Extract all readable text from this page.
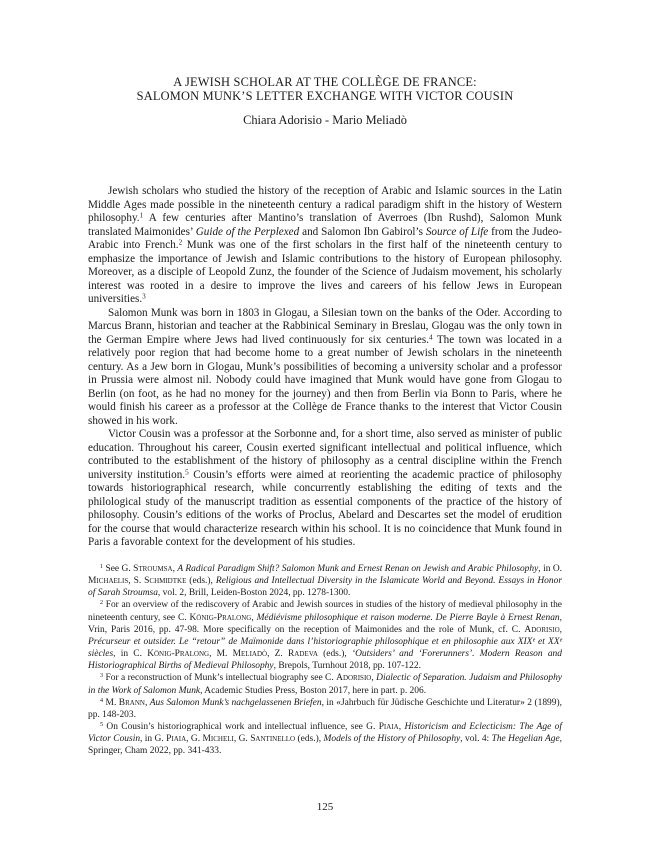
A JEWISH SCHOLAR AT THE COLLÈGE DE FRANCE:
SALOMON MUNK’S LETTER EXCHANGE WITH VICTOR COUSIN
Chiara Adorisio - Mario Meliadò

Jewish scholars who studied the history of the reception of Arabic and Islamic sources in the Latin Middle Ages made possible in the nineteenth century a radical paradigm shift in the history of Western philosophy.$^1$ A few centuries after Mantino’s translation of Averroes (Ibn Rushd), Salomon Munk translated Maimonides’ Guide of the Perplexed and Salomon Ibn Gabirol’s Source of Life from the Judeo-Arabic into French.$^2$ Munk was one of the first scholars in the first half of the nineteenth century to emphasize the importance of Jewish and Islamic contributions to the history of European philosophy. Moreover, as a disciple of Leopold Zunz, the founder of the Science of Judaism movement, his scholarly interest was rooted in a desire to improve the lives and careers of his fellow Jews in European universities.$^3$

Salomon Munk was born in 1803 in Glogau, a Silesian town on the banks of the Oder. According to Marcus Brann, historian and teacher at the Rabbinical Seminary in Breslau, Glogau was the only town in the German Empire where Jews had lived continuously for six centuries.$^4$ The town was located in a relatively poor region that had become home to a great number of Jewish scholars in the nineteenth century. As a Jew born in Glogau, Munk’s possibilities of becoming a university scholar and a professor in Prussia were almost nil. Nobody could have imagined that Munk would have gone from Glogau to Berlin (on foot, as he had no money for the journey) and then from Berlin via Bonn to Paris, where he would finish his career as a professor at the Collège de France thanks to the interest that Victor Cousin showed in his work.

Victor Cousin was a professor at the Sorbonne and, for a short time, also served as minister of public education. Throughout his career, Cousin exerted significant intellectual and political influence, which contributed to the establishment of the history of philosophy as a central discipline within the French university institution.$^5$ Cousin’s efforts were aimed at reorienting the academic practice of philosophy towards historiographical research, while concurrently establishing the editing of texts and the philological study of the manuscript tradition as essential components of the practice of the history of philosophy. Cousin’s editions of the works of Proclus, Abelard and Descartes set the model of erudition for the course that would characterize research within his school. It is no coincidence that Munk found in Paris a favorable context for the development of his studies.

$^1$ See G. Stroumsa, A Radical Paradigm Shift? Salomon Munk and Ernest Renan on Jewish and Arabic Philosophy, in O. Michaelis, S. Schmidtke (eds.), Religious and Intellectual Diversity in the Islamicate World and Beyond. Essays in Honor of Sarah Stroumsa, vol. 2, Brill, Leiden-Boston 2024, pp. 1278-1300.

$^2$ For an overview of the rediscovery of Arabic and Jewish sources in studies of the history of medieval philosophy in the nineteenth century, see C. König-Pralong, Médiévisme philosophique et raison moderne. De Pierre Bayle à Ernest Renan, Vrin, Paris 2016, pp. 47-98. More specifically on the reception of Maimonides and the role of Munk, cf. C. Adorisio, Précurseur et outsider. Le “retour” de Maïmonide dans l’historiographie philosophique et en philosophie aux XIXᵉ et XXᵉ siècles, in C. König-Pralong, M. Meliadò, Z. Radeva (eds.), ‘Outsiders’ and ‘Forerunners’. Modern Reason and Historiographical Births of Medieval Philosophy, Brepols, Turnhout 2018, pp. 107-122.

$^3$ For a reconstruction of Munk’s intellectual biography see C. Adorisio, Dialectic of Separation. Judaism and Philosophy in the Work of Salomon Munk, Academic Studies Press, Boston 2017, here in part. p. 206.

$^4$ M. Brann, Aus Salomon Munk’s nachgelassenen Briefen, in «Jahrbuch für Jüdische Geschichte und Literatur» 2 (1899), pp. 148-203.

$^5$ On Cousin’s historiographical work and intellectual influence, see G. Piaia, Historicism and Eclecticism: The Age of Victor Cousin, in G. Piaia, G. Micheli, G. Santinello (eds.), Models of the History of Philosophy, vol. 4: The Hegelian Age, Springer, Cham 2022, pp. 341-433.

125
